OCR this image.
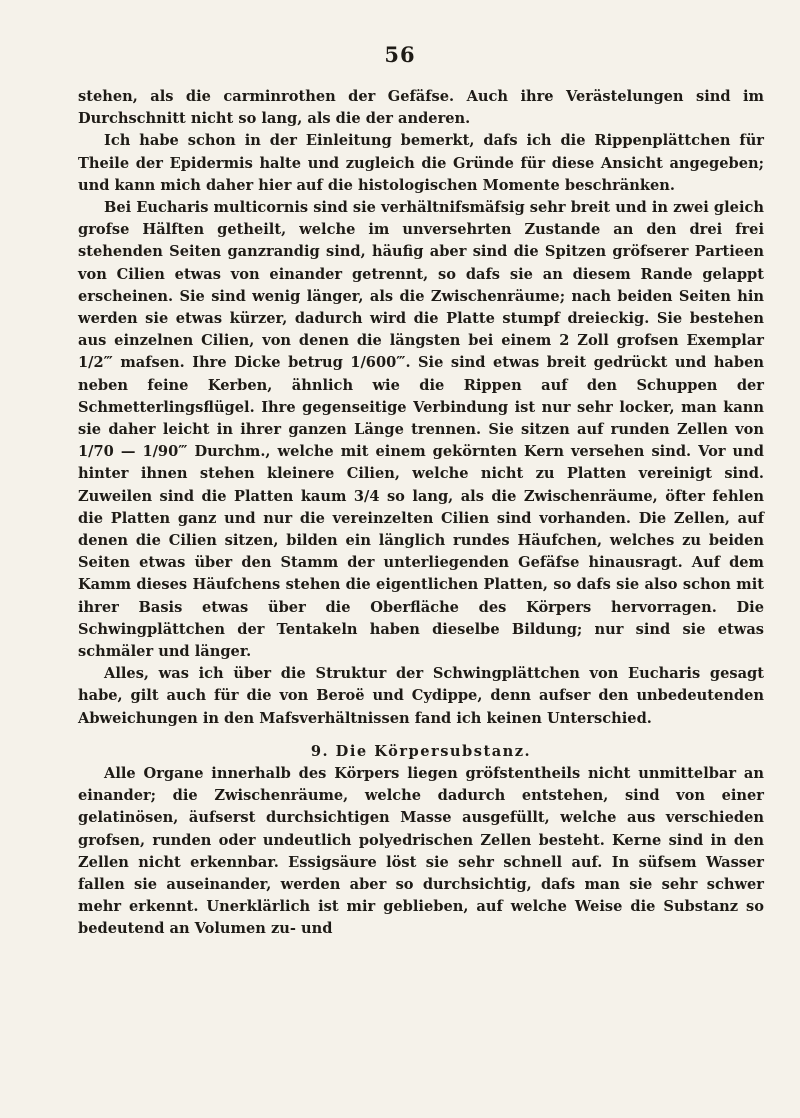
56

stehen, als die carminrothen der Gefäfse. Auch ihre Verästelungen sind im Durchschnitt nicht so lang, als die der anderen.

Ich habe schon in der Einleitung bemerkt, dafs ich die Rippenplättchen für Theile der Epidermis halte und zugleich die Gründe für diese Ansicht angegeben; und kann mich daher hier auf die histologischen Momente beschränken.

Bei Eucharis multicornis sind sie verhältnifsmäfsig sehr breit und in zwei gleich grofse Hälften getheilt, welche im unversehrten Zustande an den drei frei stehenden Seiten ganzrandig sind, häufig aber sind die Spitzen gröfserer Partieen von Cilien etwas von einander getrennt, so dafs sie an diesem Rande gelappt erscheinen. Sie sind wenig länger, als die Zwischenräume; nach beiden Seiten hin werden sie etwas kürzer, dadurch wird die Platte stumpf dreieckig. Sie bestehen aus einzelnen Cilien, von denen die längsten bei einem 2 Zoll grofsen Exemplar 1/2‴ mafsen. Ihre Dicke betrug 1/600‴. Sie sind etwas breit gedrückt und haben neben feine Kerben, ähnlich wie die Rippen auf den Schuppen der Schmetterlingsflügel. Ihre gegenseitige Verbindung ist nur sehr locker, man kann sie daher leicht in ihrer ganzen Länge trennen. Sie sitzen auf runden Zellen von 1/70 — 1/90‴ Durchm., welche mit einem gekörnten Kern versehen sind. Vor und hinter ihnen stehen kleinere Cilien, welche nicht zu Platten vereinigt sind. Zuweilen sind die Platten kaum 3/4 so lang, als die Zwischenräume, öfter fehlen die Platten ganz und nur die vereinzelten Cilien sind vorhanden. Die Zellen, auf denen die Cilien sitzen, bilden ein länglich rundes Häufchen, welches zu beiden Seiten etwas über den Stamm der unterliegenden Gefäfse hinausragt. Auf dem Kamm dieses Häufchens stehen die eigentlichen Platten, so dafs sie also schon mit ihrer Basis etwas über die Oberfläche des Körpers hervorragen. Die Schwingplättchen der Tentakeln haben dieselbe Bildung; nur sind sie etwas schmäler und länger.

Alles, was ich über die Struktur der Schwingplättchen von Eucharis gesagt habe, gilt auch für die von Beroë und Cydippe, denn aufser den unbedeutenden Abweichungen in den Mafsverhältnissen fand ich keinen Unterschied.

9. Die Körpersubstanz.

Alle Organe innerhalb des Körpers liegen gröfstentheils nicht unmittelbar an einander; die Zwischenräume, welche dadurch entstehen, sind von einer gelatinösen, äufserst durchsichtigen Masse ausgefüllt, welche aus verschieden grofsen, runden oder undeutlich polyedrischen Zellen besteht. Kerne sind in den Zellen nicht erkennbar. Essigsäure löst sie sehr schnell auf. In süfsem Wasser fallen sie auseinander, werden aber so durchsichtig, dafs man sie sehr schwer mehr erkennt. Unerklärlich ist mir geblieben, auf welche Weise die Substanz so bedeutend an Volumen zu- und
